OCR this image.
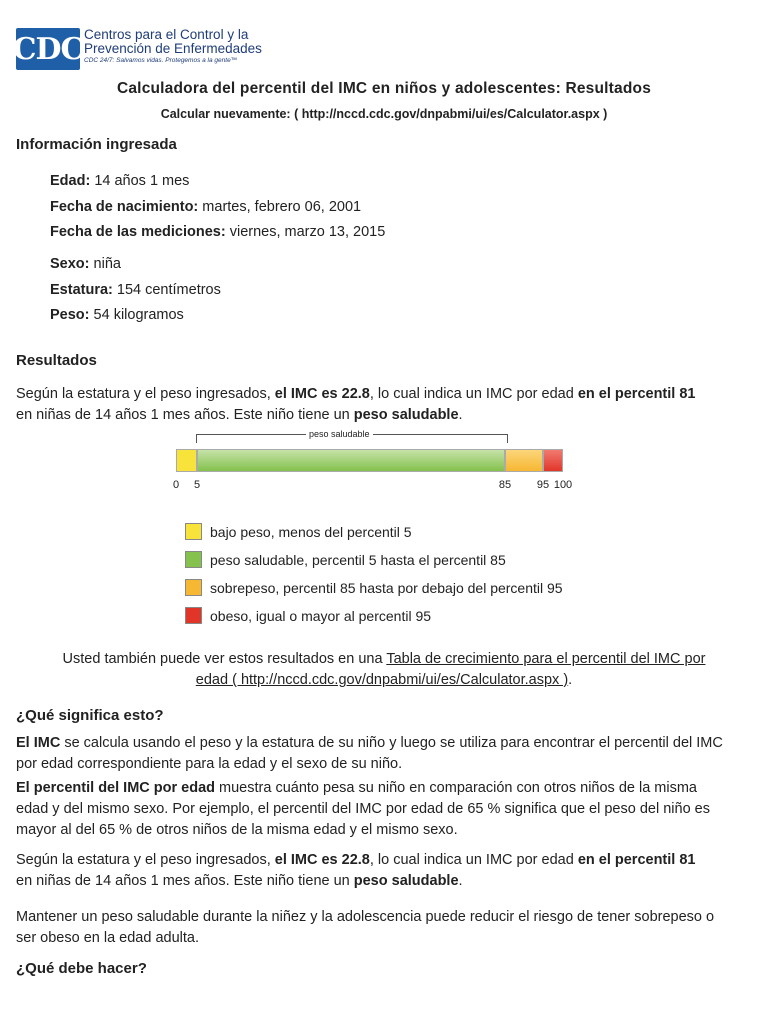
CDC Centros para el Control y la
Prevención de Enfermedades
CDC 24/7: Salvamos vidas. Protegemos a la gente™
Calculadora del percentil del IMC en niños y adolescentes: Resultados
Calcular nuevamente: ( http://nccd.cdc.gov/dnpabmi/ui/es/Calculator.aspx )
Información ingresada
Edad: 14 años 1 mes
Fecha de nacimiento: martes, febrero 06, 2001
Fecha de las mediciones: viernes, marzo 13, 2015
Sexo: niña
Estatura: 154 centímetros
Peso: 54 kilogramos
Resultados
Según la estatura y el peso ingresados, el IMC es 22.8, lo cual indica un IMC por edad en el percentil 81
en niñas de 14 años 1 mes años. Este niño tiene un peso saludable.
peso saludable
0 5	85 95 100
bajo peso, menos del percentil 5
peso saludable, percentil 5 hasta el percentil 85
sobrepeso, percentil 85 hasta por debajo del percentil 95
obeso, igual o mayor al percentil 95
Usted también puede ver estos resultados en una Tabla de crecimiento para el percentil del IMC por
edad ( http://nccd.cdc.gov/dnpabmi/ui/es/Calculator.aspx ).
¿Qué significa esto?
El IMC se calcula usando el peso y la estatura de su niño y luego se utiliza para encontrar el percentil del IMC por edad correspondiente para la edad y el sexo de su niño.
El percentil del IMC por edad muestra cuánto pesa su niño en comparación con otros niños de la misma edad y del mismo sexo. Por ejemplo, el percentil del IMC por edad de 65 % significa que el peso del niño es mayor al del 65 % de otros niños de la misma edad y el mismo sexo.
Según la estatura y el peso ingresados, el IMC es 22.8, lo cual indica un IMC por edad en el percentil 81
en niñas de 14 años 1 mes años. Este niño tiene un peso saludable.
Mantener un peso saludable durante la niñez y la adolescencia puede reducir el riesgo de tener sobrepeso o ser obeso en la edad adulta.
¿Qué debe hacer?
